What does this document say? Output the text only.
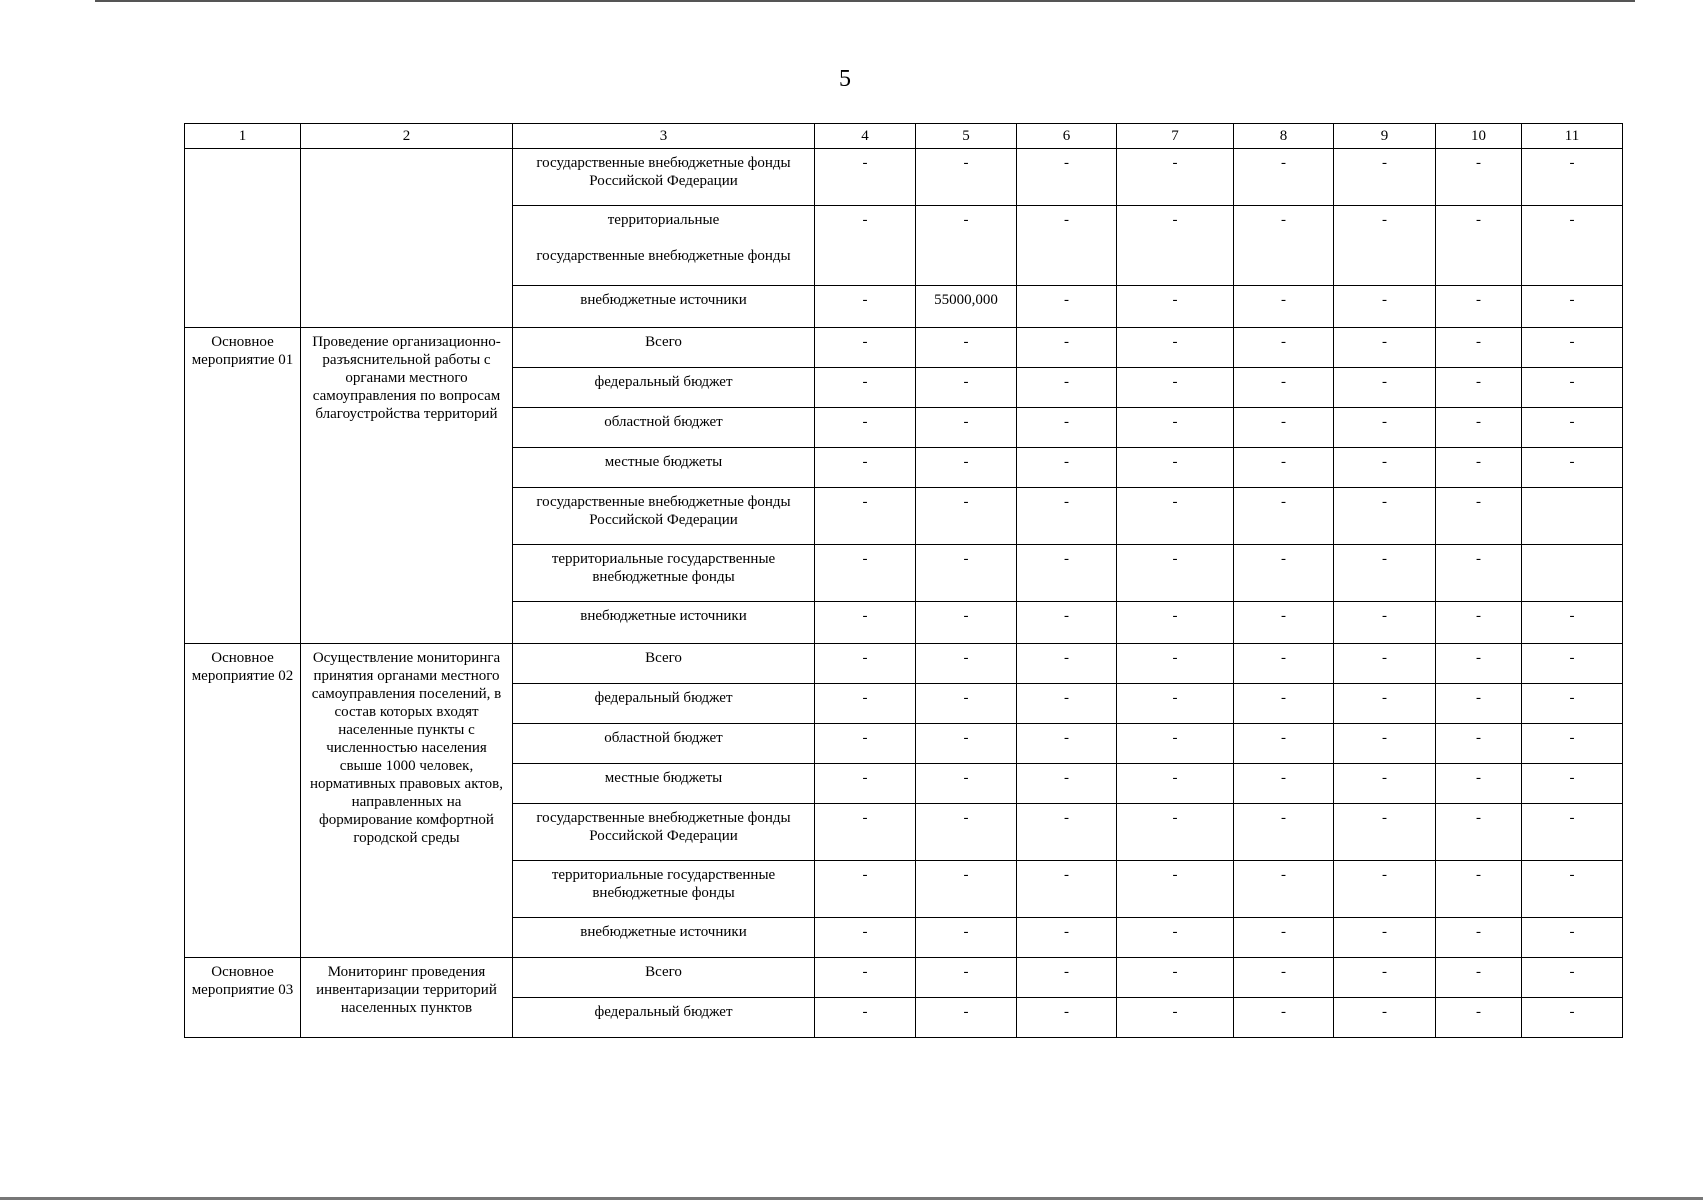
5
1	2	3	4	5	6	7	8	9	10	11

		государственные внебюджетные фонды Российской Федерации	-	-	-	-	-	-	-	-

		территориальные
государственные внебюджетные фонды	-	-	-	-	-	-	-	-

		внебюджетные источники	-	55000,000	-	-	-	-	-	-
Основное мероприятие 01	Проведение организационно-разъяснительной работы с органами местного самоуправления по вопросам благоустройства территорий	Всего	-	-	-	-	-	-	-	-

		федеральный бюджет	-	-	-	-	-	-	-	-

		областной бюджет	-	-	-	-	-	-	-	-

		местные бюджеты	-	-	-	-	-	-	-	-

		государственные внебюджетные фонды Российской Федерации	-	-	-	-	-	-	-	

		территориальные государственные внебюджетные фонды	-	-	-	-	-	-	-	

		внебюджетные источники	-	-	-	-	-	-	-	-
Основное мероприятие 02	Осуществление мониторинга принятия органами местного самоуправления поселений, в состав которых входят населенные пункты с численностью населения свыше 1000 человек, нормативных правовых актов, направленных на формирование комфортной городской среды	Всего	-	-	-	-	-	-	-	-

		федеральный бюджет	-	-	-	-	-	-	-	-

		областной бюджет	-	-	-	-	-	-	-	-

		местные бюджеты	-	-	-	-	-	-	-	-

		государственные внебюджетные фонды Российской Федерации	-	-	-	-	-	-	-	-

		территориальные государственные внебюджетные фонды	-	-	-	-	-	-	-	-

		внебюджетные источники	-	-	-	-	-	-	-	-
Основное мероприятие 03	Мониторинг проведения инвентаризации территорий населенных пунктов	Всего	-	-	-	-	-	-	-	-

		федеральный бюджет	-	-	-	-	-	-	-	-
